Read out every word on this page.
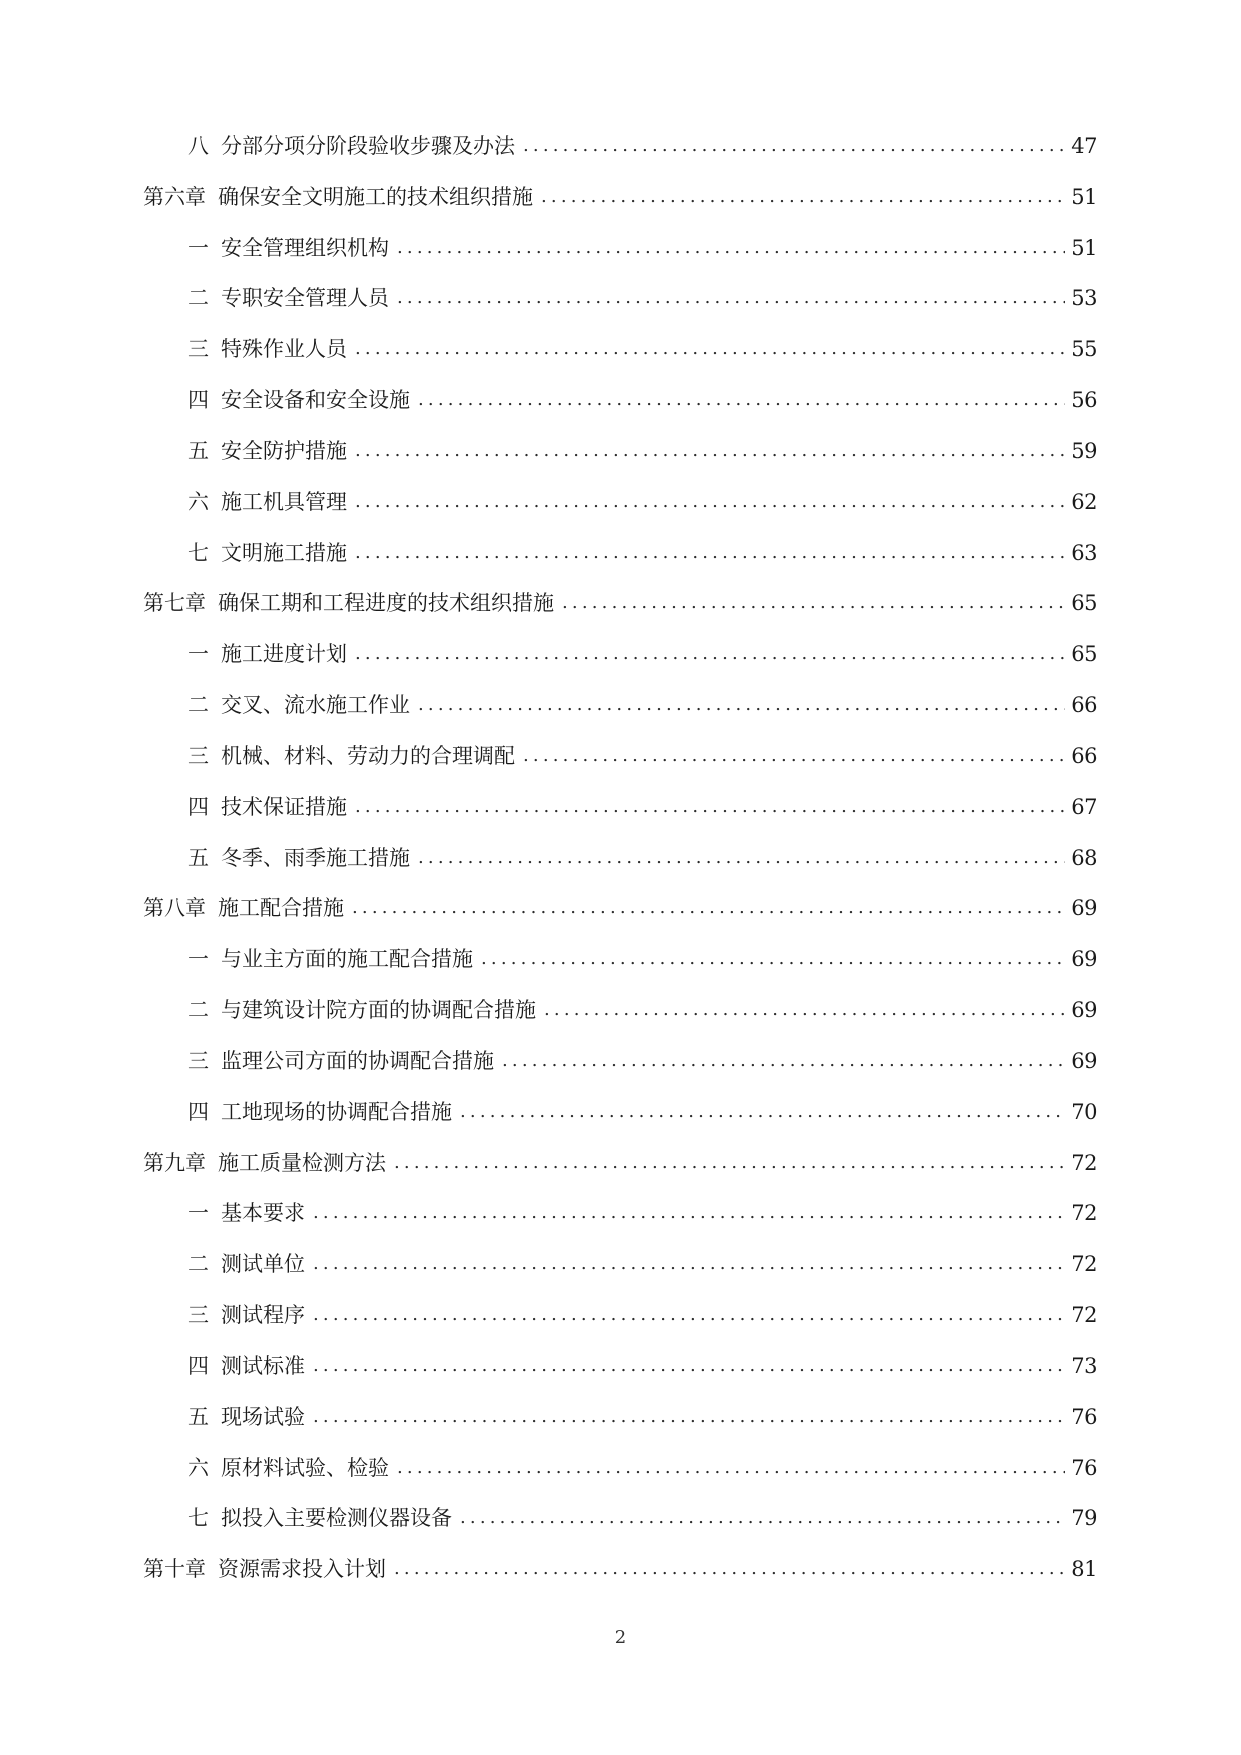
八 分部分项分阶段验收步骤及办法 .....	47
第六章 确保安全文明施工的技术组织措施 .....	51
一 安全管理组织机构 .....	51
二 专职安全管理人员 .....	53
三 特殊作业人员 .....	55
四 安全设备和安全设施 .....	56
五 安全防护措施 .....	59
六 施工机具管理 .....	62
七 文明施工措施 .....	63
第七章 确保工期和工程进度的技术组织措施 .....	65
一 施工进度计划 .....	65
二 交叉、流水施工作业 .....	66
三 机械、材料、劳动力的合理调配 .....	66
四 技术保证措施 .....	67
五 冬季、雨季施工措施 .....	68
第八章 施工配合措施 .....	69
一 与业主方面的施工配合措施 .....	69
二 与建筑设计院方面的协调配合措施 .....	69
三 监理公司方面的协调配合措施 .....	69
四 工地现场的协调配合措施 .....	70
第九章 施工质量检测方法 .....	72
一 基本要求 .....	72
二 测试单位 .....	72
三 测试程序 .....	72
四 测试标准 .....	73
五 现场试验 .....	76
六 原材料试验、检验 .....	76
七 拟投入主要检测仪器设备 .....	79
第十章 资源需求投入计划 .....	81
2
